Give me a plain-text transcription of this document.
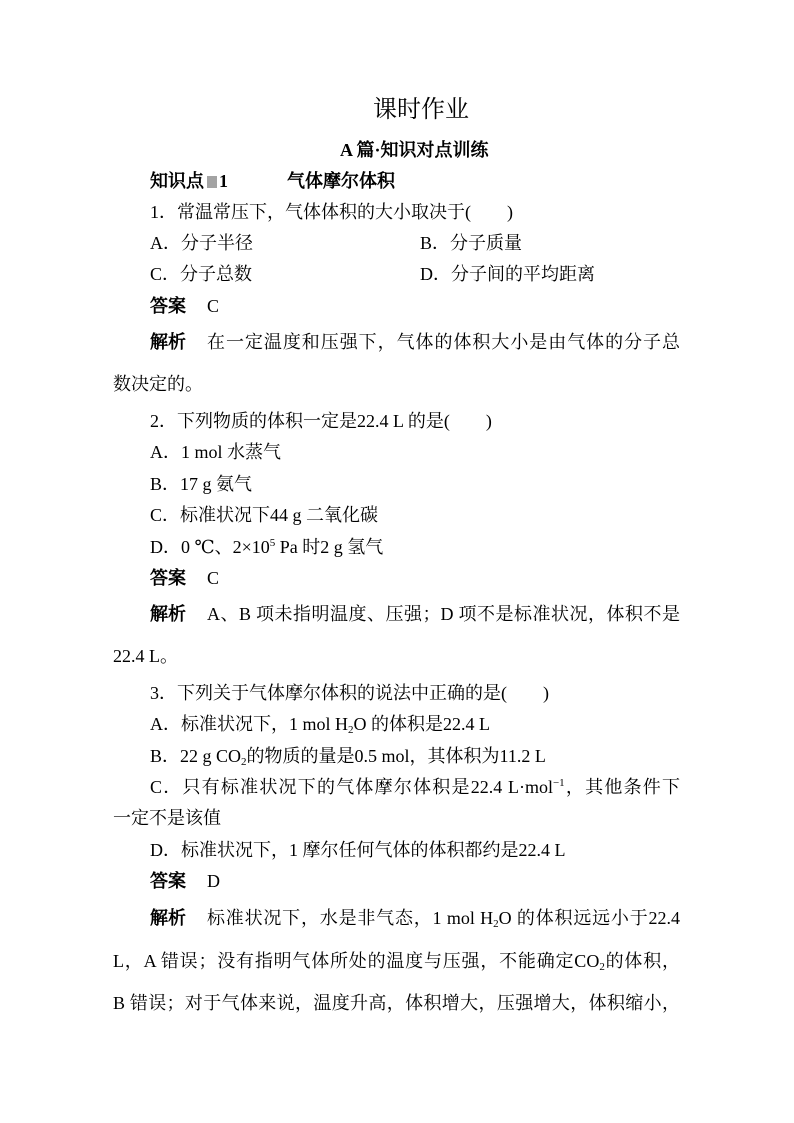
课时作业
A 篇·知识对点训练
知识点 1	气体摩尔体积
1．常温常压下，气体体积的大小取决于(　　)
A．分子半径	B．分子质量
C．分子总数	D．分子间的平均距离
答案 C
解析 在一定温度和压强下，气体的体积大小是由气体的分子总
数决定的。
2．下列物质的体积一定是22.4 L 的是(　　)
A．1 mol 水蒸气
B．17 g 氨气
C．标准状况下44 g 二氧化碳
D．0 ℃、$2\times 10^5$ Pa 时2 g 氢气
答案 C
解析 A、B 项未指明温度、压强；D 项不是标准状况，体积不是
22.4 L。
3．下列关于气体摩尔体积的说法中正确的是(　　)
A．标准状况下，1 mol $H_2O$ 的体积是22.4 L
B．22 g $CO_2$的物质的量是0.5 mol，其体积为11.2 L
C．只有标准状况下的气体摩尔体积是22.4 L·mol$^{-1}$，其他条件下
一定不是该值
D．标准状况下，1 摩尔任何气体的体积都约是22.4 L
答案 D
解析 标准状况下，水是非气态，1 mol $H_2O$ 的体积远远小于22.4
L，A 错误；没有指明气体所处的温度与压强，不能确定$CO_2$的体积，
B 错误；对于气体来说，温度升高，体积增大，压强增大，体积缩小，
